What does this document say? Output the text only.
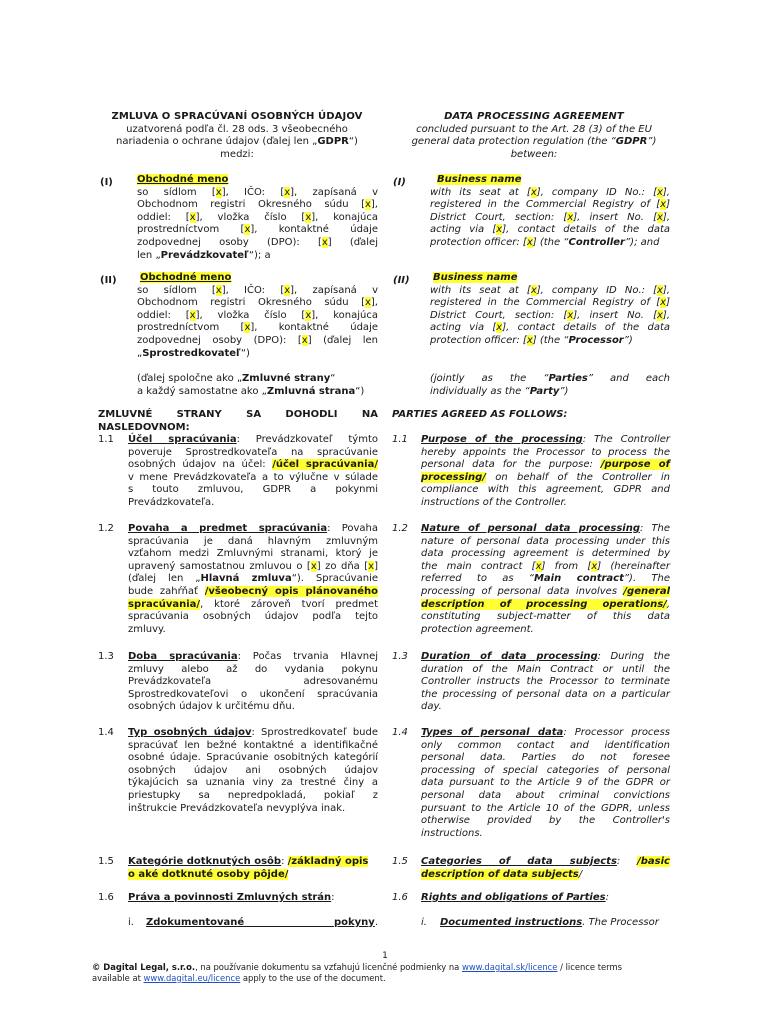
ZMLUVA O SPRACÚVANÍ OSOBNÝCH ÚDAJOV
uzatvorená podľa čl. 28 ods. 3 všeobecného
nariadenia o ochrane údajov (ďalej len „GDPR“)
medzi:
DATA PROCESSING AGREEMENT
concluded pursuant to the Art. 28 (3) of the EU
general data protection regulation (the “GDPR”)
between:
(I) Obchodné meno
so sídlom [x], IČO: [x], zapísaná v
Obchodnom registri Okresného súdu [x],
oddiel: [x], vložka číslo [x], konajúca
prostredníctvom [x], kontaktné údaje
zodpovednej osoby (DPO): [x] (ďalej
len „Prevádzkovateľ“); a
(I)	Business name
with its seat at [x], company ID No.: [x],
registered in the Commercial Registry of [x]
District Court, section: [x], insert No. [x],
acting via [x], contact details of the data
protection officer: [x] (the “Controller”); and
(II)	Obchodné meno
so sídlom [x], IČO: [x], zapísaná v
Obchodnom registri Okresného súdu [x],
oddiel: [x], vložka číslo [x], konajúca
prostredníctvom [x], kontaktné údaje
zodpovednej osoby (DPO): [x] (ďalej len
„Sprostredkovateľ“)
(II)	Business name
with its seat at [x], company ID No.: [x],
registered in the Commercial Registry of [x]
District Court, section: [x], insert No. [x],
acting via [x], contact details of the data
protection officer: [x] (the “Processor”)
(ďalej spoločne ako „Zmluvné strany“
a každý samostatne ako „Zmluvná strana“)
(jointly as the “Parties” and each
individually as the “Party”)
ZMLUVNÉ STRANY SA DOHODLI NA
NASLEDOVNOM:
PARTIES AGREED AS FOLLOWS:
1.1 Účel spracúvania: Prevádzkovateľ týmto
poveruje Sprostredkovateľa na spracúvanie
osobných údajov na účel: /účel spracúvania/
v mene Prevádzkovateľa a to výlučne v súlade
s touto zmluvou, GDPR a pokynmi
Prevádzkovateľa.
1.1 Purpose of the processing: The Controller
hereby appoints the Processor to process the
personal data for the purpose: /purpose of
processing/ on behalf of the Controller in
compliance with this agreement, GDPR and
instructions of the Controller.
1.2 Povaha a predmet spracúvania: Povaha
spracúvania je daná hlavným zmluvným
vzťahom medzi Zmluvnými stranami, ktorý je
upravený samostatnou zmluvou o [x] zo dňa [x]
(ďalej len „Hlavná zmluva“). Spracúvanie
bude zahŕňať /všeobecný opis plánovaného
spracúvania/, ktoré zároveň tvorí predmet
spracúvania osobných údajov podľa tejto
zmluvy.
1.2 Nature of personal data processing: The
nature of personal data processing under this
data processing agreement is determined by
the main contract [x] from [x] (hereinafter
referred to as “Main contract”). The
processing of personal data involves /general
description of processing operations/,
constituting subject-matter of this data
protection agreement.
1.3 Doba spracúvania: Počas trvania Hlavnej
zmluvy alebo až do vydania pokynu
Prevádzkovateľa adresovanému
Sprostredkovateľovi o ukončení spracúvania
osobných údajov k určitému dňu.
1.3 Duration of data processing: During the
duration of the Main Contract or until the
Controller instructs the Processor to terminate
the processing of personal data on a particular
day.
1.4 Typ osobných údajov: Sprostredkovateľ bude
spracúvať len bežné kontaktné a identifikačné
osobné údaje. Spracúvanie osobitných kategórií
osobných údajov ani osobných údajov
týkajúcich sa uznania viny za trestné činy a
priestupky sa nepredpokladá, pokiaľ z
inštrukcie Prevádzkovateľa nevyplýva inak.
1.4 Types of personal data: Processor process
only common contact and identification
personal data. Parties do not foresee
processing of special categories of personal
data pursuant to the Article 9 of the GDPR or
personal data about criminal convictions
pursuant to the Article 10 of the GDPR, unless
otherwise provided by the Controller's
instructions.
1.5 Kategórie dotknutých osôb: /základný opis
o aké dotknuté osoby pôjde/
1.5 Categories of data subjects: /basic
description of data subjects/
1.6 Práva a povinnosti Zmluvných strán:	1.6 Rights and obligations of Parties:
i. Zdokumentované pokyny.	i. Documented instructions. The Processor
1
© Dagital Legal, s.r.o., na používanie dokumentu sa vzťahujú licenčné podmienky na www.dagital.sk/licence / licence terms
available at www.dagital.eu/licence apply to the use of the document.
